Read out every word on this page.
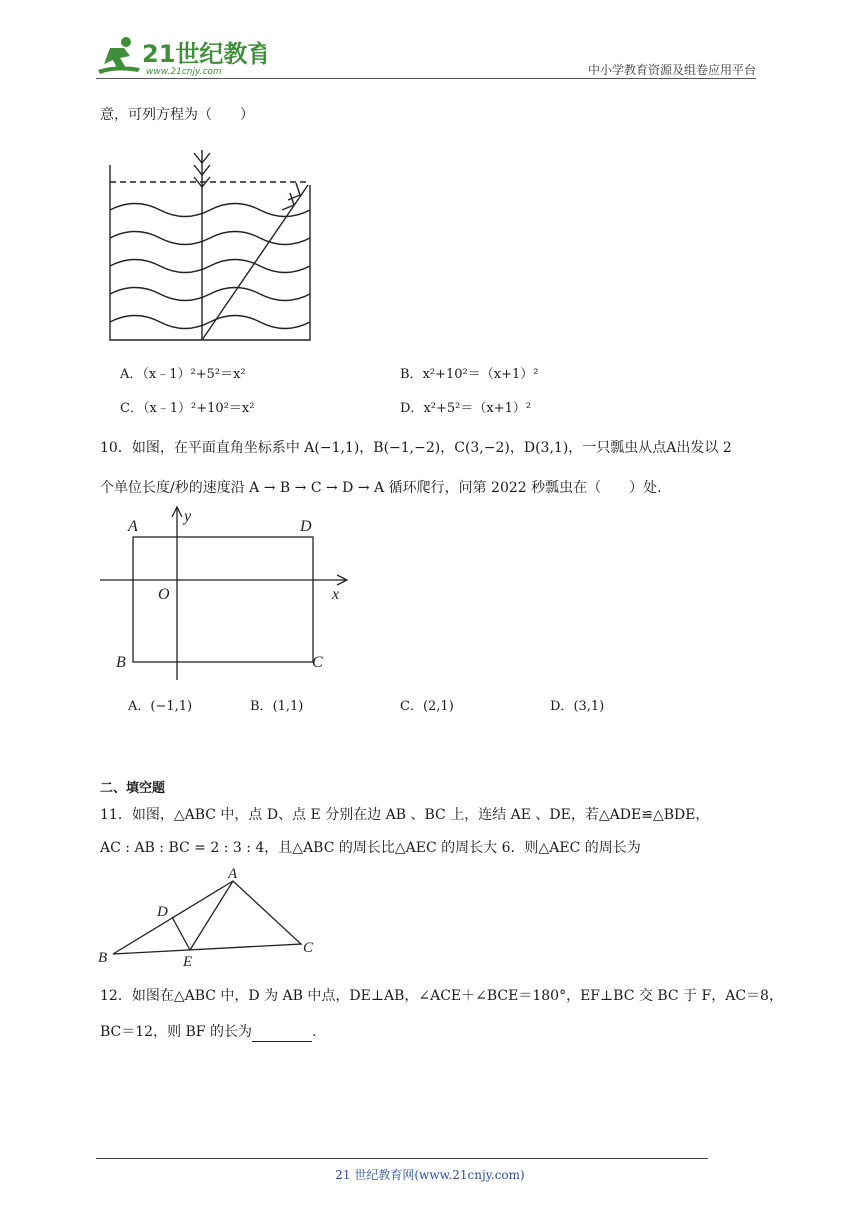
21世纪教育
www.21cnjy.com	中小学教育资源及组卷应用平台
意，可列方程为（　　）
A．（x﹣1）²+5²＝x²	B．x²+10²＝（x+1）²
C．（x﹣1）²+10²＝x²	D．x²+5²＝（x+1）²
10．如图，在平面直角坐标系中 A(−1,1)，B(−1,−2)，C(3,−2)，D(3,1)，一只瓢虫从点A出发以 2
个单位长度/秒的速度沿 A → B → C → D → A 循环爬行，问第 2022 秒瓢虫在（　　）处.
A	D
B	C
O	x
y
A．(−1,1)	B．(1,1)	C．(2,1)	D．(3,1)
二、填空题
11．如图，△ABC 中，点 D、点 E 分别在边 AB 、BC 上，连结 AE 、DE，若△ADE≌△BDE，
AC : AB : BC = 2 : 3 : 4，且△ABC 的周长比△AEC 的周长大 6．则△AEC 的周长为
A
B
C
D
E
12．如图在△ABC 中，D 为 AB 中点，DE⊥AB，∠ACE＋∠BCE＝180°，EF⊥BC 交 BC 于 F，AC＝8，
BC＝12，则 BF 的长为	.
21 世纪教育网(www.21cnjy.com)
